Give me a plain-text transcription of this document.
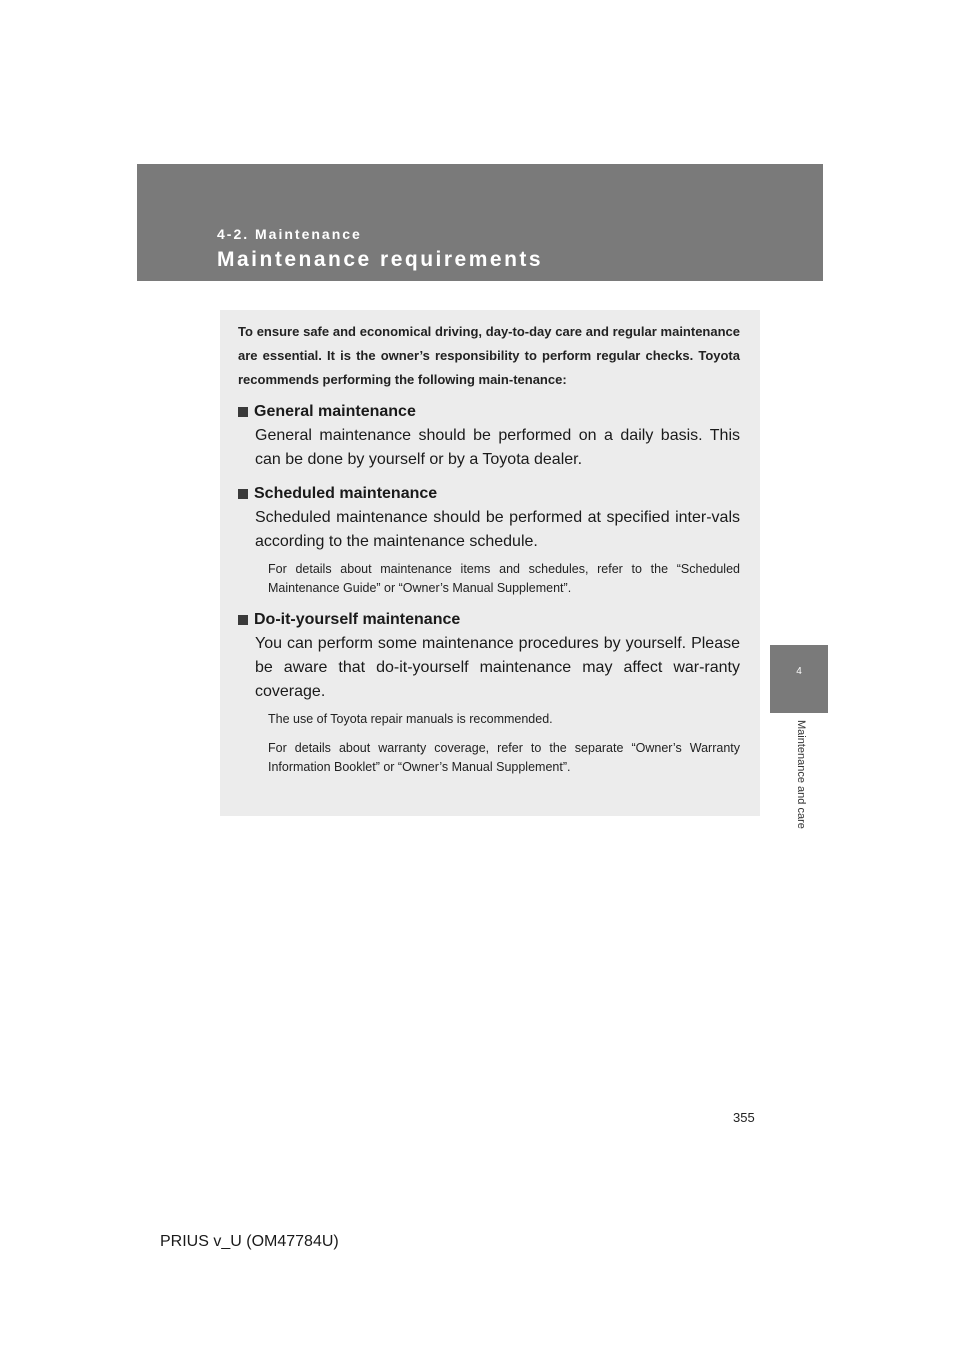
4-2. Maintenance
Maintenance requirements
4
Maintenance and care

To ensure safe and economical driving, day-to-day care and regular maintenance are essential. It is the owner’s responsibility to perform regular checks. Toyota recommends performing the following main-tenance:

General maintenance

General maintenance should be performed on a daily basis. This can be done by yourself or by a Toyota dealer.

Scheduled maintenance

Scheduled maintenance should be performed at specified inter-vals according to the maintenance schedule.

For details about maintenance items and schedules, refer to the “Scheduled Maintenance Guide” or “Owner’s Manual Supplement”.

Do-it-yourself maintenance

You can perform some maintenance procedures by yourself. Please be aware that do-it-yourself maintenance may affect war-ranty coverage.

The use of Toyota repair manuals is recommended.

For details about warranty coverage, refer to the separate “Owner’s Warranty Information Booklet” or “Owner’s Manual Supplement”.

355
PRIUS v_U (OM47784U)
